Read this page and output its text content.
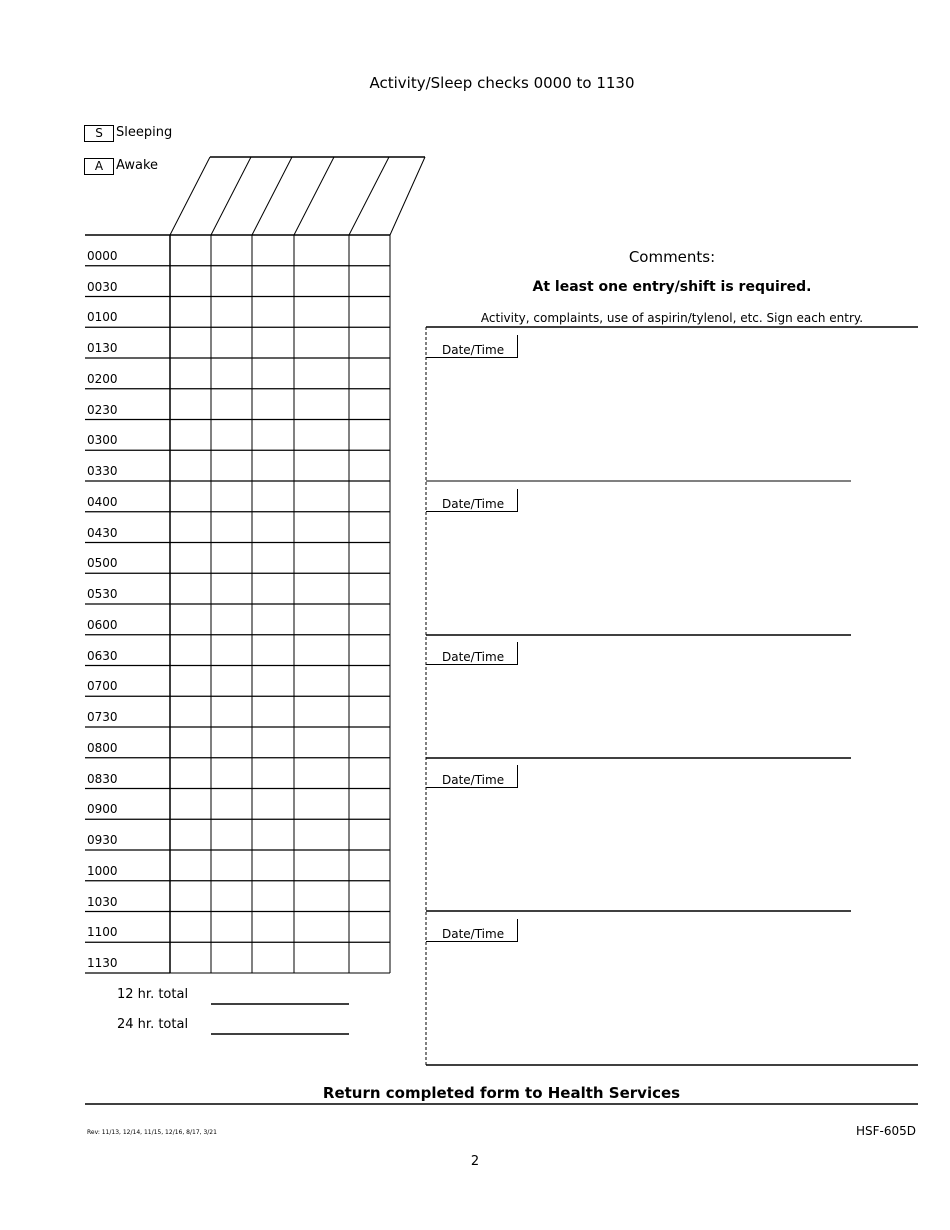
Activity/Sleep checks 0000 to 1130
S	Sleeping
A Awake
0000
0030
0100
0130
0200
0230
0300
0330
0400
0430
0500
0530
0600
0630
0700
0730
0800
0830
0900
0930
1000
1030
1100
1130
12 hr. total
24 hr. total
Comments:
At least one entry/shift is required.
Activity, complaints, use of aspirin/tylenol, etc. Sign each entry.
Date/Time
Date/Time
Date/Time
Date/Time
Date/Time
Return completed form to Health Services
Rev: 11/13, 12/14, 11/15, 12/16, 8/17, 3/21	HSF-605D
2
